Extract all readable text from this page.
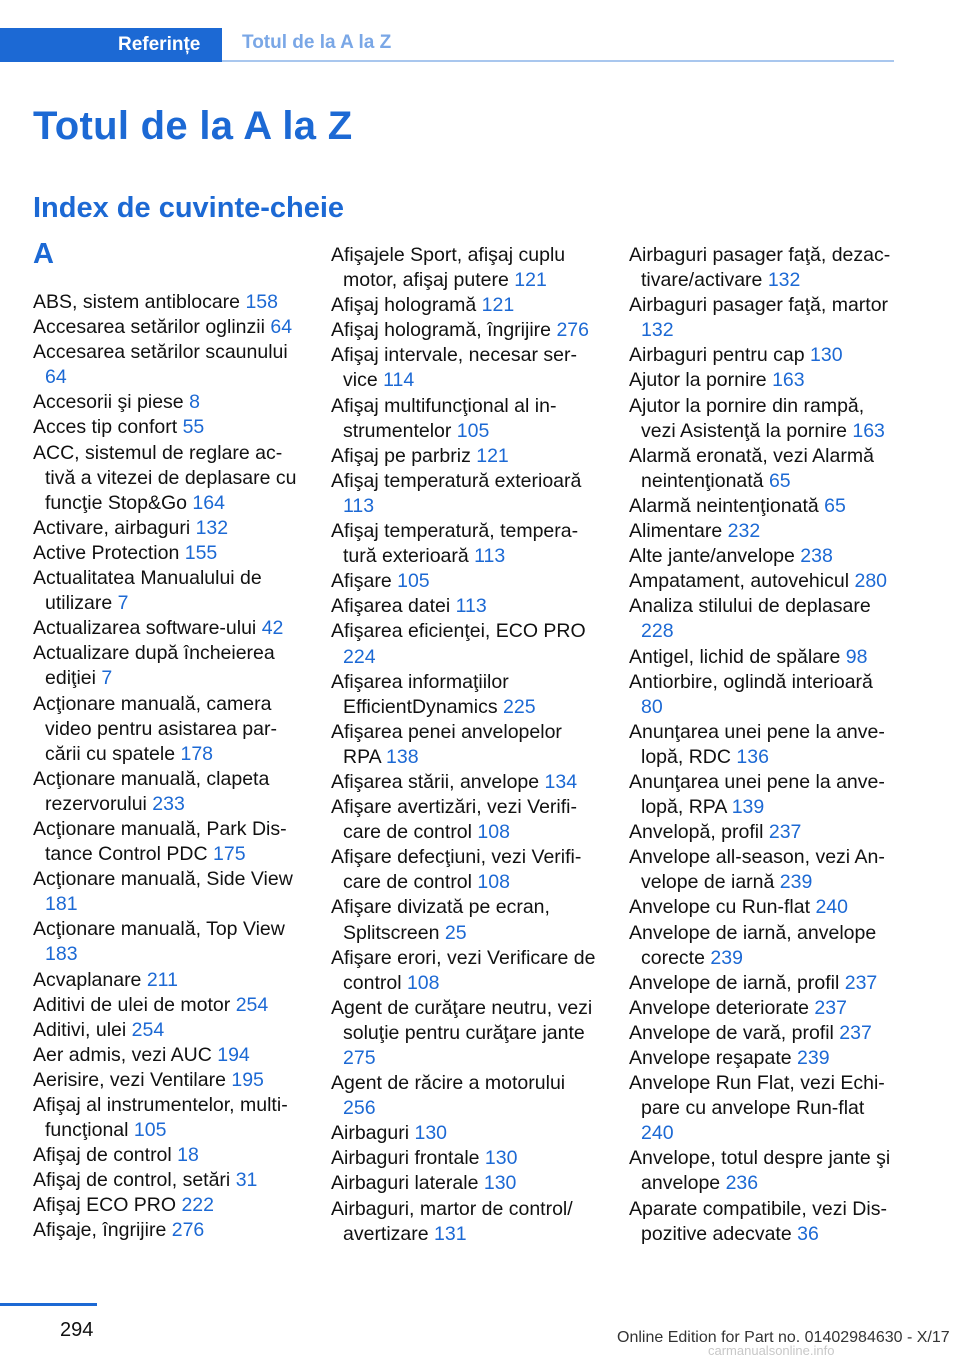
Referințe Totul de la A la Z
Totul de la A la Z
Index de cuvinte-cheie
A
ABS, sistem antiblocare 158
Accesarea setărilor oglinzii 64
Accesarea setărilor scaunului 64
Accesorii şi piese 8
Acces tip confort 55
ACC, sistemul de reglare activă a vitezei de deplasare cu funcţie Stop&Go 164
Activare, airbaguri 132
Active Protection 155
Actualitatea Manualului de utilizare 7
Actualizarea software-ului 42
Actualizare după încheierea ediţiei 7
Acţionare manuală, camera video pentru asistarea parcării cu spatele 178
Acţionare manuală, clapeta rezervorului 233
Acţionare manuală, Park Distance Control PDC 175
Acţionare manuală, Side View 181
Acţionare manuală, Top View 183
Acvaplanare 211
Aditivi de ulei de motor 254
Aditivi, ulei 254
Aer admis, vezi AUC 194
Aerisire, vezi Ventilare 195
Afişaj al instrumentelor, multifuncţional 105
Afişaj de control 18
Afişaj de control, setări 31
Afişaj ECO PRO 222
Afişaje, îngrijire 276
Afişajele Sport, afişaj cuplu motor, afişaj putere 121
Afişaj hologramă 121
Afişaj hologramă, îngrijire 276
Afişaj intervale, necesar service 114
Afişaj multifuncţional al instrumentelor 105
Afişaj pe parbriz 121
Afişaj temperatură exterioară 113
Afişaj temperatură, temperatură exterioară 113
Afişare 105
Afişarea datei 113
Afişarea eficienţei, ECO PRO 224
Afişarea informaţiilor EfficientDynamics 225
Afişarea penei anvelopelor RPA 138
Afişarea stării, anvelope 134
Afişare avertizări, vezi Verificare de control 108
Afişare defecţiuni, vezi Verificare de control 108
Afişare divizată pe ecran, Splitscreen 25
Afişare erori, vezi Verificare de control 108
Agent de curăţare neutru, vezi soluţie pentru curăţare jante 275
Agent de răcire a motorului 256
Airbaguri 130
Airbaguri frontale 130
Airbaguri laterale 130
Airbaguri, martor de control/ avertizare 131
Airbaguri pasager faţă, dezactivare/activare 132
Airbaguri pasager faţă, martor 132
Airbaguri pentru cap 130
Ajutor la pornire 163
Ajutor la pornire din rampă, vezi Asistenţă la pornire 163
Alarmă eronată, vezi Alarmă neintenţionată 65
Alarmă neintenţionată 65
Alimentare 232
Alte jante/anvelope 238
Ampatament, autovehicul 280
Analiza stilului de deplasare 228
Antigel, lichid de spălare 98
Antiorbire, oglindă interioară 80
Anunţarea unei pene la anvelopă, RDC 136
Anunţarea unei pene la anvelopă, RPA 139
Anvelopă, profil 237
Anvelope all-season, vezi Anvelope de iarnă 239
Anvelope cu Run-flat 240
Anvelope de iarnă, anvelope corecte 239
Anvelope de iarnă, profil 237
Anvelope deteriorate 237
Anvelope de vară, profil 237
Anvelope reşapate 239
Anvelope Run Flat, vezi Echipare cu anvelope Run-flat 240
Anvelope, totul despre jante şi anvelope 236
Aparate compatibile, vezi Dispozitive adecvate 36
294	Online Edition for Part no. 01402984630 - X/17
carmanualsonline.info
